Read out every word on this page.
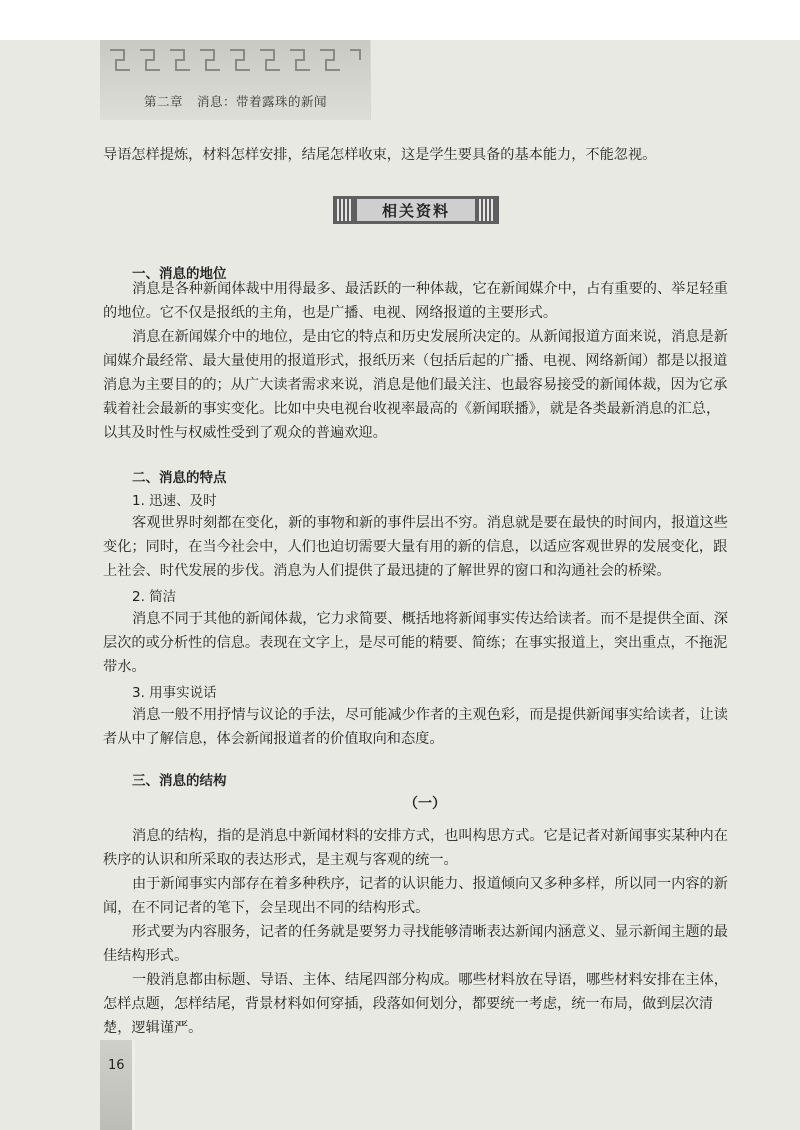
第二章 消息：带着露珠的新闻

导语怎样提炼，材料怎样安排，结尾怎样收束，这是学生要具备的基本能力，不能忽视。

相关资料
一、消息的地位

消息是各种新闻体裁中用得最多、最活跃的一种体裁，它在新闻媒介中，占有重要的、举足轻重的地位。它不仅是报纸的主角，也是广播、电视、网络报道的主要形式。

消息在新闻媒介中的地位，是由它的特点和历史发展所决定的。从新闻报道方面来说，消息是新闻媒介最经常、最大量使用的报道形式，报纸历来（包括后起的广播、电视、网络新闻）都是以报道消息为主要目的的；从广大读者需求来说，消息是他们最关注、也最容易接受的新闻体裁，因为它承载着社会最新的事实变化。比如中央电视台收视率最高的《新闻联播》，就是各类最新消息的汇总，以其及时性与权威性受到了观众的普遍欢迎。

二、消息的特点
1. 迅速、及时

客观世界时刻都在变化，新的事物和新的事件层出不穷。消息就是要在最快的时间内，报道这些变化；同时，在当今社会中，人们也迫切需要大量有用的新的信息，以适应客观世界的发展变化，跟上社会、时代发展的步伐。消息为人们提供了最迅捷的了解世界的窗口和沟通社会的桥梁。

2. 简洁

消息不同于其他的新闻体裁，它力求简要、概括地将新闻事实传达给读者。而不是提供全面、深层次的或分析性的信息。表现在文字上，是尽可能的精要、简练；在事实报道上，突出重点，不拖泥带水。

3. 用事实说话

消息一般不用抒情与议论的手法，尽可能减少作者的主观色彩，而是提供新闻事实给读者，让读者从中了解信息，体会新闻报道者的价值取向和态度。

三、消息的结构
（一）

消息的结构，指的是消息中新闻材料的安排方式，也叫构思方式。它是记者对新闻事实某种内在秩序的认识和所采取的表达形式，是主观与客观的统一。

由于新闻事实内部存在着多种秩序，记者的认识能力、报道倾向又多种多样，所以同一内容的新闻，在不同记者的笔下，会呈现出不同的结构形式。

形式要为内容服务，记者的任务就是要努力寻找能够清晰表达新闻内涵意义、显示新闻主题的最佳结构形式。

一般消息都由标题、导语、主体、结尾四部分构成。哪些材料放在导语，哪些材料安排在主体，怎样点题，怎样结尾，背景材料如何穿插，段落如何划分，都要统一考虑，统一布局，做到层次清楚，逻辑谨严。

16
